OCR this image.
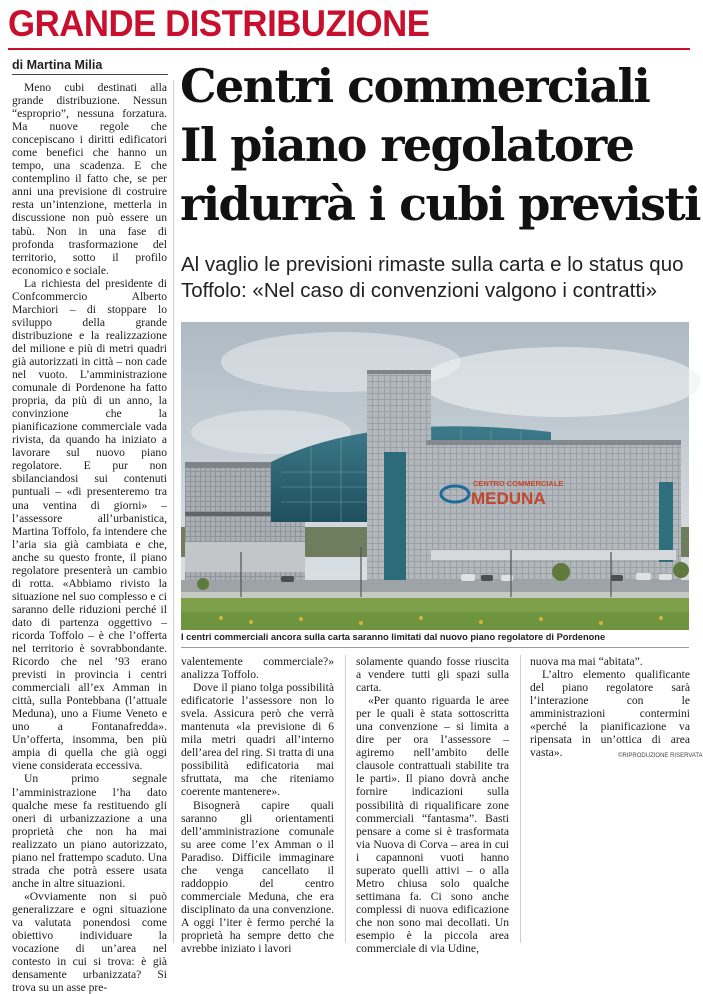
GRANDE DISTRIBUZIONE
di Martina Milia

Meno cubi destinati alla grande distribuzione. Nessun “esproprio”, nessuna forzatura. Ma nuove regole che concepiscano i diritti edificatori come benefici che hanno un tempo, una scadenza. E che contemplino il fatto che, se per anni una previsione di costruire resta un’intenzione, metterla in discussione non può essere un tabù. Non in una fase di profonda trasformazione del territorio, sotto il profilo economico e sociale.

La richiesta del presidente di Confcommercio Alberto Marchiori – di stoppare lo sviluppo della grande distribuzione e la realizzazione del milione e più di metri quadri già autorizzati in città – non cade nel vuoto. L’amministrazione comunale di Pordenone ha fatto propria, da più di un anno, la convinzione che la pianificazione commerciale vada rivista, da quando ha iniziato a lavorare sul nuovo piano regolatore. E pur non sbilanciandosi sui contenuti puntuali – «di presenteremo tra una ventina di giorni» – l’assessore all’urbanistica, Martina Toffolo, fa intendere che l’aria sia già cambiata e che, anche su questo fronte, il piano regolatore presenterà un cambio di rotta. «Abbiamo rivisto la situazione nel suo complesso e ci saranno delle riduzioni perché il dato di partenza oggettivo – ricorda Toffolo – è che l’offerta nel territorio è sovrabbondante. Ricordo che nel ’93 erano previsti in provincia i centri commerciali all’ex Amman in città, sulla Pontebbana (l’attuale Meduna), uno a Fiume Veneto e uno a Fontanafredda». Un’offerta, insomma, ben più ampia di quella che già oggi viene considerata eccessiva.

Un primo segnale l’amministrazione l’ha dato qualche mese fa restituendo gli oneri di urbanizzazione a una proprietà che non ha mai realizzato un piano autorizzato, piano nel frattempo scaduto. Una strada che potrà essere usata anche in altre situazioni.

«Ovviamente non si può generalizzare e ogni situazione va valutata ponendosi come obiettivo individuare la vocazione di un’area nel contesto in cui si trova: è già densamente urbanizzata? Si trova su un asse pre-

Centri commerciali
Il piano regolatore
ridurrà i cubi previsti
Al vaglio le previsioni rimaste sulla carta e lo status quo
Toffolo: «Nel caso di convenzioni valgono i contratti»
CENTRO COMMERCIALE
MEDUNA
I centri commerciali ancora sulla carta saranno limitati dal nuovo piano regolatore di Pordenone

valentemente commerciale?» analizza Toffolo.

Dove il piano tolga possibilità edificatorie l’assessore non lo svela. Assicura però che verrà mantenuta «la previsione di 6 mila metri quadri all’interno dell’area del ring. Si tratta di una possibilità edificatoria mai sfruttata, ma che riteniamo coerente mantenere».

Bisognerà capire quali saranno gli orientamenti dell’amministrazione comunale su aree come l’ex Amman o il Paradiso. Difficile immaginare che venga cancellato il raddoppio del centro commerciale Meduna, che era disciplinato da una convenzione. A oggi l’iter è fermo perché la proprietà ha sempre detto che avrebbe iniziato i lavori

solamente quando fosse riuscita a vendere tutti gli spazi sulla carta.

«Per quanto riguarda le aree per le quali è stata sottoscritta una convenzione – si limita a dire per ora l’assessore – agiremo nell’ambito delle clausole contrattuali stabilite tra le parti». Il piano dovrà anche fornire indicazioni sulla possibilità di riqualificare zone commerciali “fantasma”. Basti pensare a come si è trasformata via Nuova di Corva – area in cui i capannoni vuoti hanno superato quelli attivi – o alla Metro chiusa solo qualche settimana fa. Ci sono anche complessi di nuova edificazione che non sono mai decollati. Un esempio è la piccola area commerciale di via Udine,

nuova ma mai “abitata”.

L’altro elemento qualificante del piano regolatore sarà l’interazione con le amministrazioni contermini «perché la pianificazione va ripensata in un’ottica di area vasta».	©RIPRODUZIONE RISERVATA
